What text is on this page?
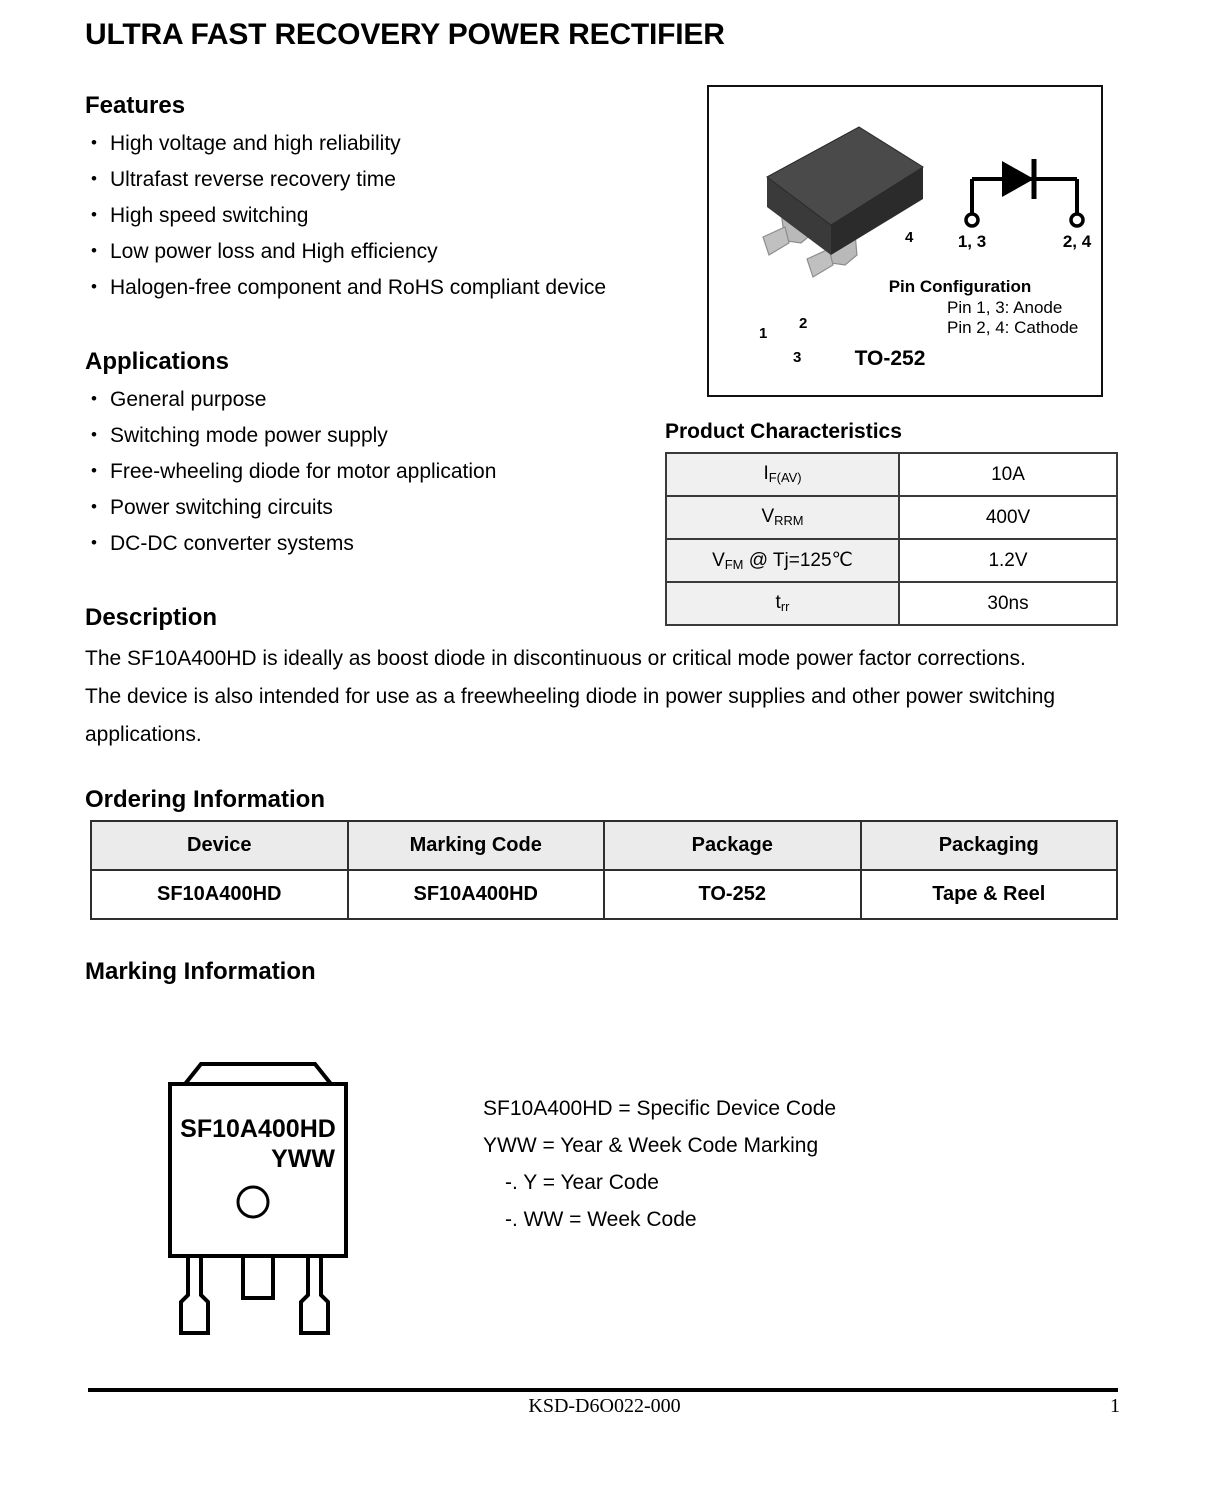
ULTRA FAST RECOVERY POWER RECTIFIER
Features
• High voltage and high reliability
• Ultrafast reverse recovery time
• High speed switching
• Low power loss and High efficiency
• Halogen-free component and RoHS compliant device
Applications
• General purpose
• Switching mode power supply
• Free-wheeling diode for motor application
• Power switching circuits
• DC-DC converter systems
1
2
3
4	1, 3	2, 4
Pin Configuration
Pin 1, 3: Anode
Pin 2, 4: Cathode
TO-252
Product Characteristics
$I_{F(AV)}$	10A
$V_{RRM}$	400V
$V_{FM}$ @ Tj=125℃	1.2V
$t_{rr}$	30ns
Description

The SF10A400HD is ideally as boost diode in discontinuous or critical mode power factor corrections.

The device is also intended for use as a freewheeling diode in power supplies and other power switching

applications.

Ordering Information
Device	Marking Code	Package	Packaging
SF10A400HD	SF10A400HD	TO-252	Tape & Reel
Marking Information
SF10A400HD
YWW
SF10A400HD = Specific Device Code
YWW = Year & Week Code Marking
-. Y = Year Code
-. WW = Week Code
KSD-D6O022-000	1
